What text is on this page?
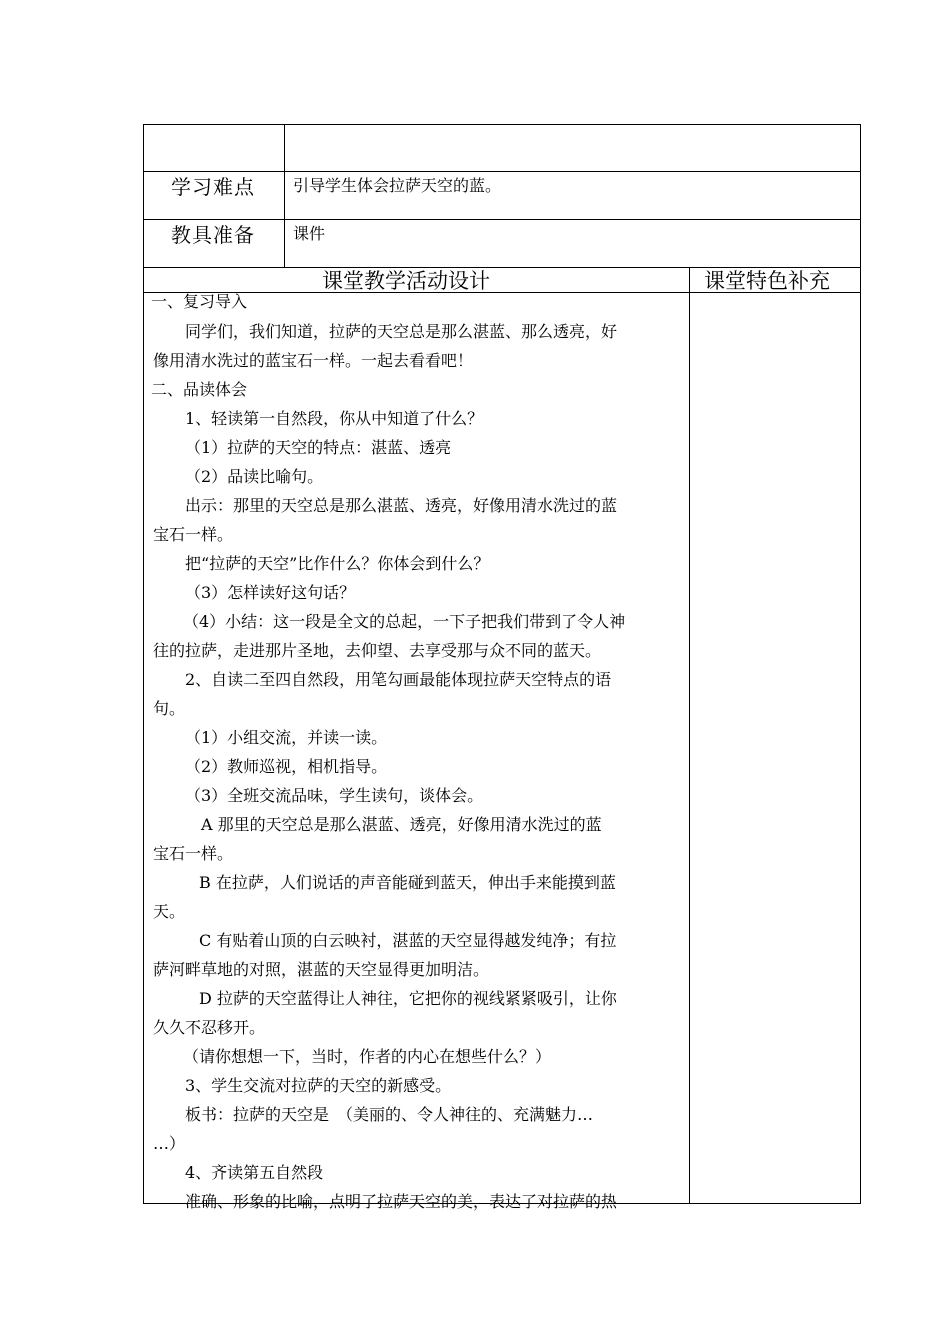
学习难点 引导学生体会拉萨天空的蓝。
教具准备 课件
课堂教学活动设计	课堂特色补充
一、复习导入
同学们，我们知道，拉萨的天空总是那么湛蓝、那么透亮，好
像用清水洗过的蓝宝石一样。一起去看看吧！
二、品读体会
1、轻读第一自然段，你从中知道了什么？
（1）拉萨的天空的特点：湛蓝、透亮
（2）品读比喻句。
出示：那里的天空总是那么湛蓝、透亮，好像用清水洗过的蓝
宝石一样。
把“拉萨的天空”比作什么？你体会到什么？
（3）怎样读好这句话？
（4）小结：这一段是全文的总起，一下子把我们带到了令人神
往的拉萨，走进那片圣地，去仰望、去享受那与众不同的蓝天。
2、自读二至四自然段，用笔勾画最能体现拉萨天空特点的语
句。
（1）小组交流，并读一读。
（2）教师巡视，相机指导。
（3）全班交流品味，学生读句，谈体会。
A 那里的天空总是那么湛蓝、透亮，好像用清水洗过的蓝
宝石一样。
B 在拉萨，人们说话的声音能碰到蓝天，伸出手来能摸到蓝
天。
C 有贴着山顶的白云映衬，湛蓝的天空显得越发纯净；有拉
萨河畔草地的对照，湛蓝的天空显得更加明洁。
D 拉萨的天空蓝得让人神往，它把你的视线紧紧吸引，让你
久久不忍移开。
（请你想想一下，当时，作者的内心在想些什么？）
3、学生交流对拉萨的天空的新感受。
板书：拉萨的天空是　（美丽的、令人神往的、充满魅力…
…）
4、齐读第五自然段
准确、形象的比喻，点明了拉萨天空的美，表达了对拉萨的热
